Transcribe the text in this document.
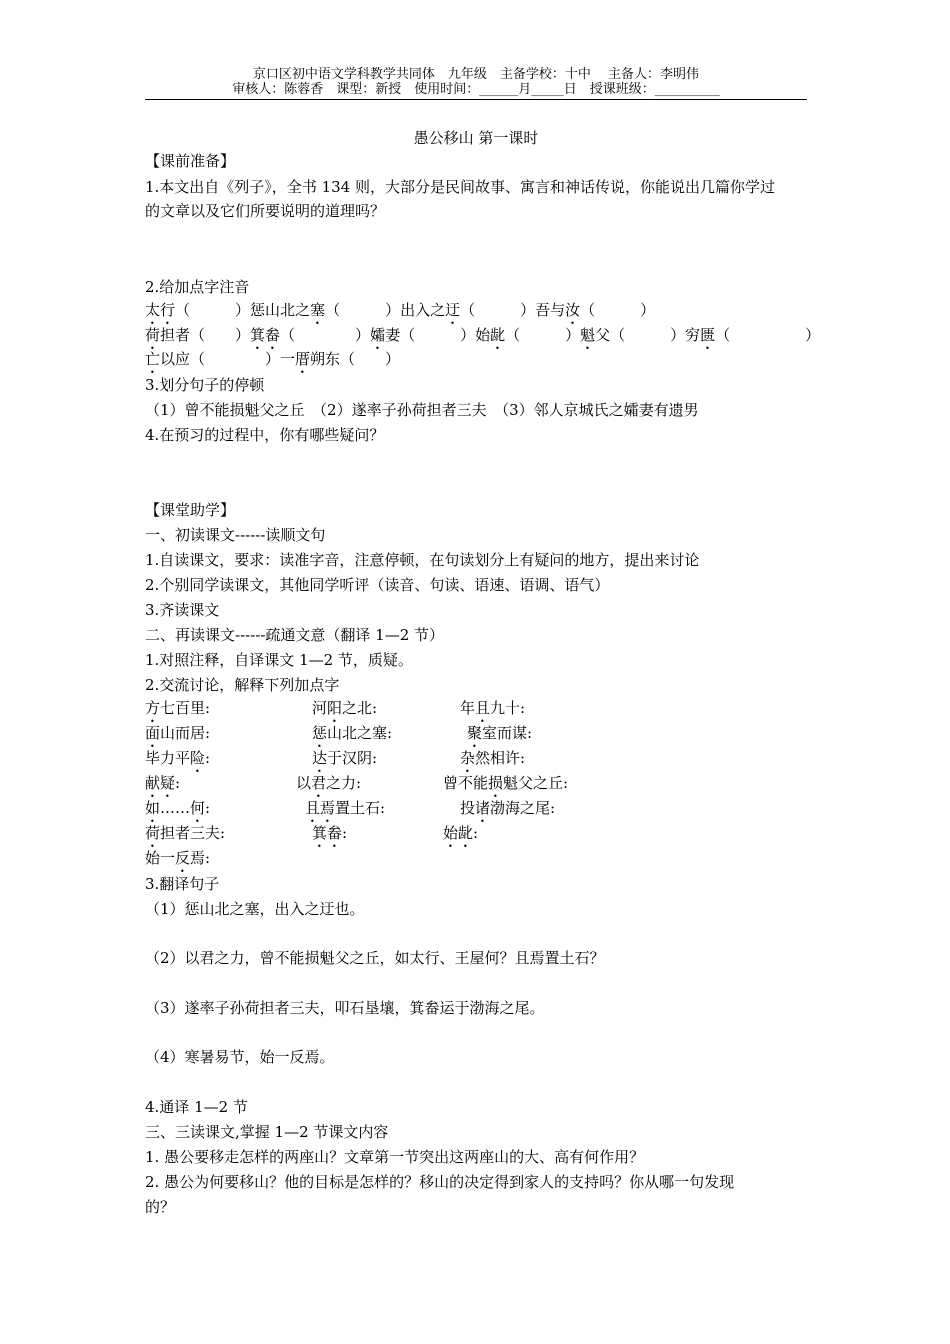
京口区初中语文学科教学共同体　九年级　主备学校：十中　 主备人：李明伟
审核人：陈蓉香　课型：新授　使用时间：______月_____日　授课班级：__________
愚公移山 第一课时
【课前准备】
1.本文出自《列子》，全书 134 则，大部分是民间故事、寓言和神话传说，你能说出几篇你学过
的文章以及它们所要说明的道理吗？
2.给加点字注音
太行（　　　）惩山北之塞（　　　）出入之迂（　　　）吾与汝（　　　）
荷担者（　　）箕畚（　　　　）孀妻（　　　）始龀（　　　）魁父（　　　）穷匮（　　　　　）
亡以应（　　　　）一厝朔东（　　）
3.划分句子的停顿
（1）曾不能损魁父之丘　（2）遂率子孙荷担者三夫　（3）邻人京城氏之孀妻有遗男
4.在预习的过程中，你有哪些疑问？
【课堂助学】
一、初读课文------读顺文句
1.自读课文，要求：读准字音，注意停顿，在句读划分上有疑问的地方，提出来讨论
2.个别同学读课文，其他同学听评（读音、句读、语速、语调、语气）
3.齐读课文
二、再读课文------疏通文意（翻译 1—2 节）
1.对照注释，自译课文 1—2 节，质疑。
2.交流讨论，解释下列加点字
方七百里:	河阳之北:	年且九十:
面山而居:	惩山北之塞:	聚室而谋:
毕力平险:	达于汉阴:	杂然相许:
献疑:	以君之力:	曾不能损魁父之丘:
如……何:	且焉置土石:	投诸渤海之尾:
荷担者三夫:	箕畚:	始龀:
始一反焉:
3.翻译句子
（1）惩山北之塞，出入之迂也。
（2）以君之力，曾不能损魁父之丘，如太行、王屋何？且焉置土石？
（3）遂率子孙荷担者三夫，叩石垦壤，箕畚运于渤海之尾。
（4）寒暑易节，始一反焉。
4.通译 1—2 节
三、三读课文,掌握 1—2 节课文内容
1. 愚公要移走怎样的两座山？文章第一节突出这两座山的大、高有何作用？
2. 愚公为何要移山？他的目标是怎样的？移山的决定得到家人的支持吗？你从哪一句发现
的？
